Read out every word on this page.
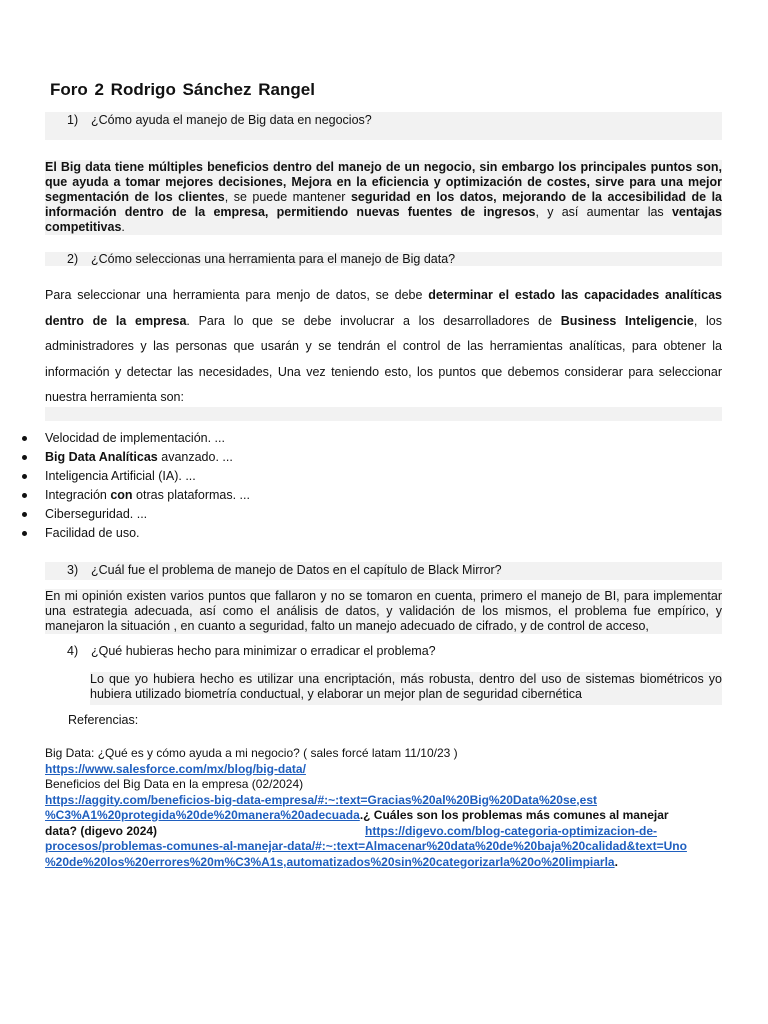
Foro 2 Rodrigo Sánchez Rangel
1) ¿Cómo ayuda el manejo de Big data en negocios?
El Big data tiene múltiples beneficios dentro del manejo de un negocio, sin embargo los principales puntos son, que ayuda a tomar mejores decisiones, Mejora en la eficiencia y optimización de costes, sirve para una mejor segmentación de los clientes, se puede mantener seguridad en los datos, mejorando de la accesibilidad de la información dentro de la empresa, permitiendo nuevas fuentes de ingresos, y así aumentar las ventajas competitivas.
2) ¿Cómo seleccionas una herramienta para el manejo de Big data?
Para seleccionar una herramienta para menjo de datos, se debe determinar el estado las capacidades analíticas dentro de la empresa. Para lo que se debe involucrar a los desarrolladores de Business Inteligencie, los administradores y las personas que usarán y se tendrán el control de las herramientas analíticas, para obtener la información y detectar las necesidades, Una vez teniendo esto, los puntos que debemos considerar para seleccionar nuestra herramienta son:
Velocidad de implementación. ...
Big Data Analíticas avanzado. ...
Inteligencia Artificial (IA). ...
Integración con otras plataformas. ...
Ciberseguridad. ...
Facilidad de uso.
3) ¿Cuál fue el problema de manejo de Datos en el capítulo de Black Mirror?
En mi opinión existen varios puntos que fallaron y no se tomaron en cuenta, primero el manejo de BI, para implementar una estrategia adecuada, así como el análisis de datos, y validación de los mismos, el problema fue empírico, y manejaron la situación , en cuanto a seguridad, falto un manejo adecuado de cifrado, y de control de acceso,
4) ¿Qué hubieras hecho para minimizar o erradicar el problema?
Lo que yo hubiera hecho es utilizar una encriptación, más robusta, dentro del uso de sistemas biométricos yo hubiera utilizado biometría conductual, y elaborar un mejor plan de seguridad cibernética
Referencias:
Big Data: ¿Qué es y cómo ayuda a mi negocio? ( sales forcé latam 11/10/23 )
https://www.salesforce.com/mx/blog/big-data/
Beneficios del Big Data en la empresa (02/2024)
https://aggity.com/beneficios-big-data-empresa/#:~:text=Gracias%20al%20Big%20Data%20se,est
%C3%A1%20protegida%20de%20manera%20adecuada.¿ Cuáles son los problemas más comunes al manejar
data? (digevo 2024)	https://digevo.com/blog-categoria-optimizacion-de-
procesos/problemas-comunes-al-manejar-data/#:~:text=Almacenar%20data%20de%20baja%20calidad&text=Uno
%20de%20los%20errores%20m%C3%A1s,automatizados%20sin%20categorizarla%20o%20limpiarla.
